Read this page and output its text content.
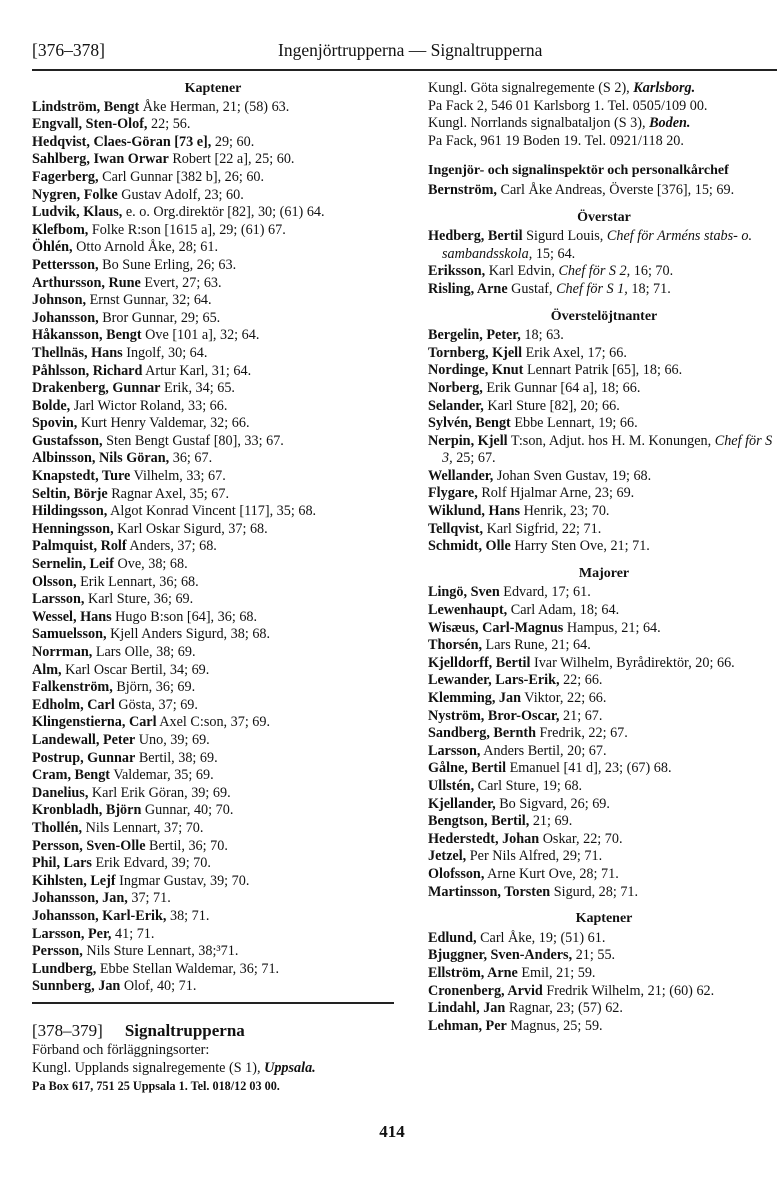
[376–378]	Ingenjörtrupperna — Signaltrupperna
Kaptener
Lindström, Bengt Åke Herman, 21; (58) 63.
Engvall, Sten-Olof, 22; 56.
Hedqvist, Claes-Göran [73 e], 29; 60.
Sahlberg, Iwan Orwar Robert [22 a], 25; 60.
Fagerberg, Carl Gunnar [382 b], 26; 60.
Nygren, Folke Gustav Adolf, 23; 60.
Ludvik, Klaus, e. o. Org.direktör [82], 30; (61) 64.
Klefbom, Folke R:son [1615 a], 29; (61) 67.
Öhlén, Otto Arnold Åke, 28; 61.
Pettersson, Bo Sune Erling, 26; 63.
Arthursson, Rune Evert, 27; 63.
Johnson, Ernst Gunnar, 32; 64.
Johansson, Bror Gunnar, 29; 65.
Håkansson, Bengt Ove [101 a], 32; 64.
Thellnäs, Hans Ingolf, 30; 64.
Påhlsson, Richard Artur Karl, 31; 64.
Drakenberg, Gunnar Erik, 34; 65.
Bolde, Jarl Wictor Roland, 33; 66.
Spovin, Kurt Henry Valdemar, 32; 66.
Gustafsson, Sten Bengt Gustaf [80], 33; 67.
Albinsson, Nils Göran, 36; 67.
Knapstedt, Ture Vilhelm, 33; 67.
Seltin, Börje Ragnar Axel, 35; 67.
Hildingsson, Algot Konrad Vincent [117], 35; 68.
Henningsson, Karl Oskar Sigurd, 37; 68.
Palmquist, Rolf Anders, 37; 68.
Sernelin, Leif Ove, 38; 68.
Olsson, Erik Lennart, 36; 68.
Larsson, Karl Sture, 36; 69.
Wessel, Hans Hugo B:son [64], 36; 68.
Samuelsson, Kjell Anders Sigurd, 38; 68.
Norrman, Lars Olle, 38; 69.
Alm, Karl Oscar Bertil, 34; 69.
Falkenström, Björn, 36; 69.
Edholm, Carl Gösta, 37; 69.
Klingenstierna, Carl Axel C:son, 37; 69.
Landewall, Peter Uno, 39; 69.
Postrup, Gunnar Bertil, 38; 69.
Cram, Bengt Valdemar, 35; 69.
Danelius, Karl Erik Göran, 39; 69.
Kronbladh, Björn Gunnar, 40; 70.
Thollén, Nils Lennart, 37; 70.
Persson, Sven-Olle Bertil, 36; 70.
Phil, Lars Erik Edvard, 39; 70.
Kihlsten, Lejf Ingmar Gustav, 39; 70.
Johansson, Jan, 37; 71.
Johansson, Karl-Erik, 38; 71.
Larsson, Per, 41; 71.
Persson, Nils Sture Lennart, 38;³71.
Lundberg, Ebbe Stellan Waldemar, 36; 71.
Sunnberg, Jan Olof, 40; 71.
[378–379] Signaltrupperna
Förband och förläggningsorter:
Kungl. Upplands signalregemente (S 1), Uppsala.
Pa Box 617, 751 25 Uppsala 1. Tel. 018/12 03 00.
Kungl. Göta signalregemente (S 2), Karlsborg.
Pa Fack 2, 546 01 Karlsborg 1. Tel. 0505/109 00.
Kungl. Norrlands signalbataljon (S 3), Boden.
Pa Fack, 961 19 Boden 19. Tel. 0921/118 20.
Ingenjör- och signalinspektör och personalkårchef
Bernström, Carl Åke Andreas, Överste [376], 15; 69.
Överstar
Hedberg, Bertil Sigurd Louis, Chef för Arméns stabs- o. sambandsskola, 15; 64.
Eriksson, Karl Edvin, Chef för S 2, 16; 70.
Risling, Arne Gustaf, Chef för S 1, 18; 71.
Överstelöjtnanter
Bergelin, Peter, 18; 63.
Tornberg, Kjell Erik Axel, 17; 66.
Nordinge, Knut Lennart Patrik [65], 18; 66.
Norberg, Erik Gunnar [64 a], 18; 66.
Selander, Karl Sture [82], 20; 66.
Sylvén, Bengt Ebbe Lennart, 19; 66.
Nerpin, Kjell T:son, Adjut. hos H. M. Konungen, Chef för S 3, 25; 67.
Wellander, Johan Sven Gustav, 19; 68.
Flygare, Rolf Hjalmar Arne, 23; 69.
Wiklund, Hans Henrik, 23; 70.
Tellqvist, Karl Sigfrid, 22; 71.
Schmidt, Olle Harry Sten Ove, 21; 71.
Majorer
Lingö, Sven Edvard, 17; 61.
Lewenhaupt, Carl Adam, 18; 64.
Wisæus, Carl-Magnus Hampus, 21; 64.
Thorsén, Lars Rune, 21; 64.
Kjelldorff, Bertil Ivar Wilhelm, Byrådirektör, 20; 66.
Lewander, Lars-Erik, 22; 66.
Klemming, Jan Viktor, 22; 66.
Nyström, Bror-Oscar, 21; 67.
Sandberg, Bernth Fredrik, 22; 67.
Larsson, Anders Bertil, 20; 67.
Gålne, Bertil Emanuel [41 d], 23; (67) 68.
Ullstén, Carl Sture, 19; 68.
Kjellander, Bo Sigvard, 26; 69.
Bengtson, Bertil, 21; 69.
Hederstedt, Johan Oskar, 22; 70.
Jetzel, Per Nils Alfred, 29; 71.
Olofsson, Arne Kurt Ove, 28; 71.
Martinsson, Torsten Sigurd, 28; 71.
Kaptener
Edlund, Carl Åke, 19; (51) 61.
Bjuggner, Sven-Anders, 21; 55.
Ellström, Arne Emil, 21; 59.
Cronenberg, Arvid Fredrik Wilhelm, 21; (60) 62.
Lindahl, Jan Ragnar, 23; (57) 62.
Lehman, Per Magnus, 25; 59.
414
